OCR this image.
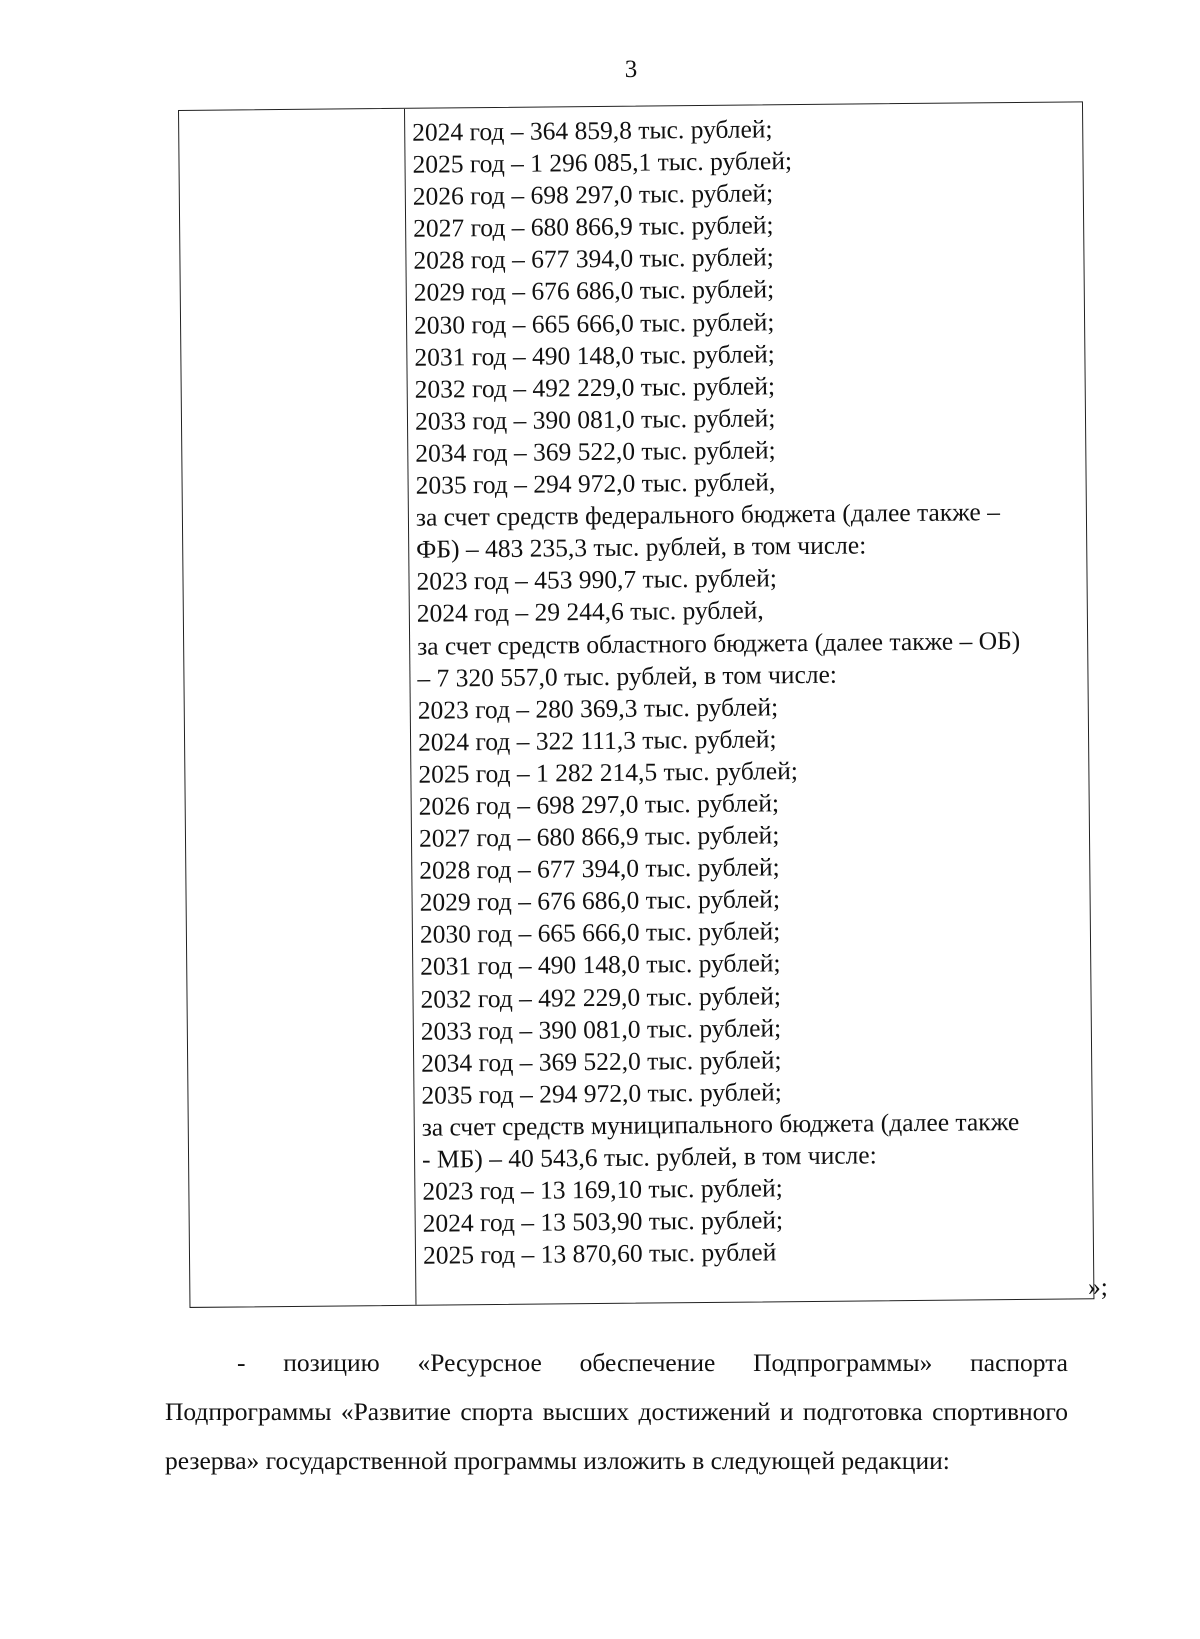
3
2024 год – 364 859,8 тыс. рублей;
2025 год – 1 296 085,1 тыс. рублей;
2026 год – 698 297,0 тыс. рублей;
2027 год – 680 866,9 тыс. рублей;
2028 год – 677 394,0 тыс. рублей;
2029 год – 676 686,0 тыс. рублей;
2030 год – 665 666,0 тыс. рублей;
2031 год – 490 148,0 тыс. рублей;
2032 год – 492 229,0 тыс. рублей;
2033 год – 390 081,0 тыс. рублей;
2034 год – 369 522,0 тыс. рублей;
2035 год – 294 972,0 тыс. рублей,
за счет средств федерального бюджета (далее также –
ФБ) – 483 235,3 тыс. рублей, в том числе:
2023 год – 453 990,7 тыс. рублей;
2024 год – 29 244,6 тыс. рублей,
за счет средств областного бюджета (далее также – ОБ)
– 7 320 557,0 тыс. рублей, в том числе:
2023 год – 280 369,3 тыс. рублей;
2024 год – 322 111,3 тыс. рублей;
2025 год – 1 282 214,5 тыс. рублей;
2026 год – 698 297,0 тыс. рублей;
2027 год – 680 866,9 тыс. рублей;
2028 год – 677 394,0 тыс. рублей;
2029 год – 676 686,0 тыс. рублей;
2030 год – 665 666,0 тыс. рублей;
2031 год – 490 148,0 тыс. рублей;
2032 год – 492 229,0 тыс. рублей;
2033 год – 390 081,0 тыс. рублей;
2034 год – 369 522,0 тыс. рублей;
2035 год – 294 972,0 тыс. рублей;
за счет средств муниципального бюджета (далее также
- МБ) – 40 543,6 тыс. рублей, в том числе:
2023 год – 13 169,10 тыс. рублей;
2024 год – 13 503,90 тыс. рублей;
2025 год – 13 870,60 тыс. рублей
»;

- позицию «Ресурсное обеспечение Подпрограммы» паспорта Подпрограммы «Развитие спорта высших достижений и подготовка спортивного резерва» государственной программы изложить в следующей редакции:
